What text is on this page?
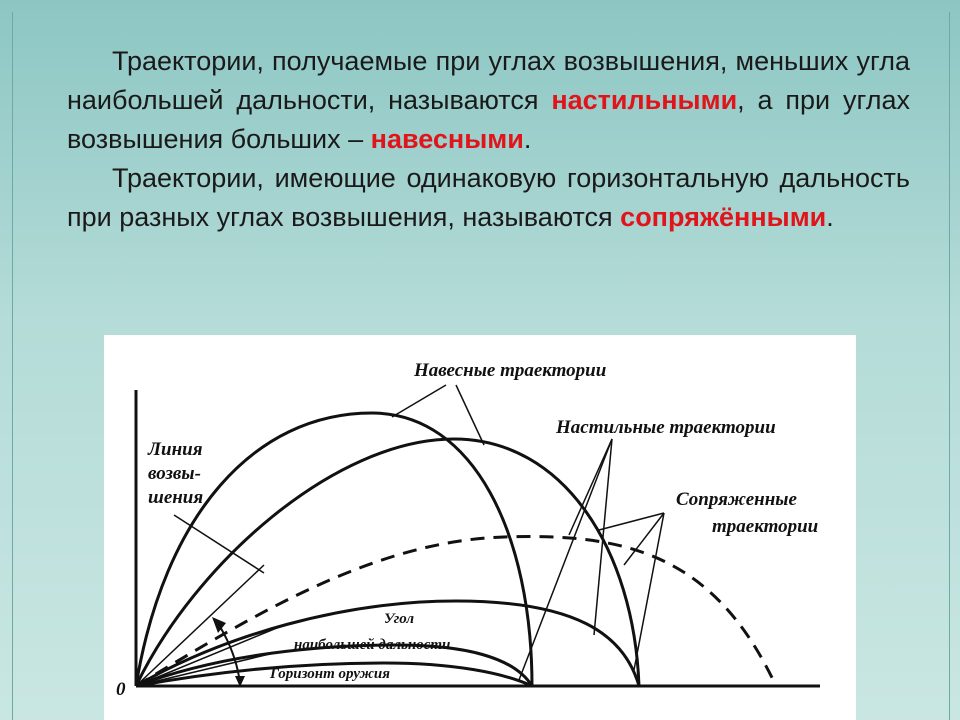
Траектории, получаемые при углах возвышения, меньших угла наибольшей дальности, называются настильными, а при углах возвышения больших – навесными.

Траектории, имеющие одинаковую горизонтальную дальность при разных углах возвышения, называются сопряжёнными.

Навесные траектории
Настильные траектории
Сопряженные
траектории
Линия
возвы-
шения
Угол
наибольшей дальности
Горизонт оружия
0
